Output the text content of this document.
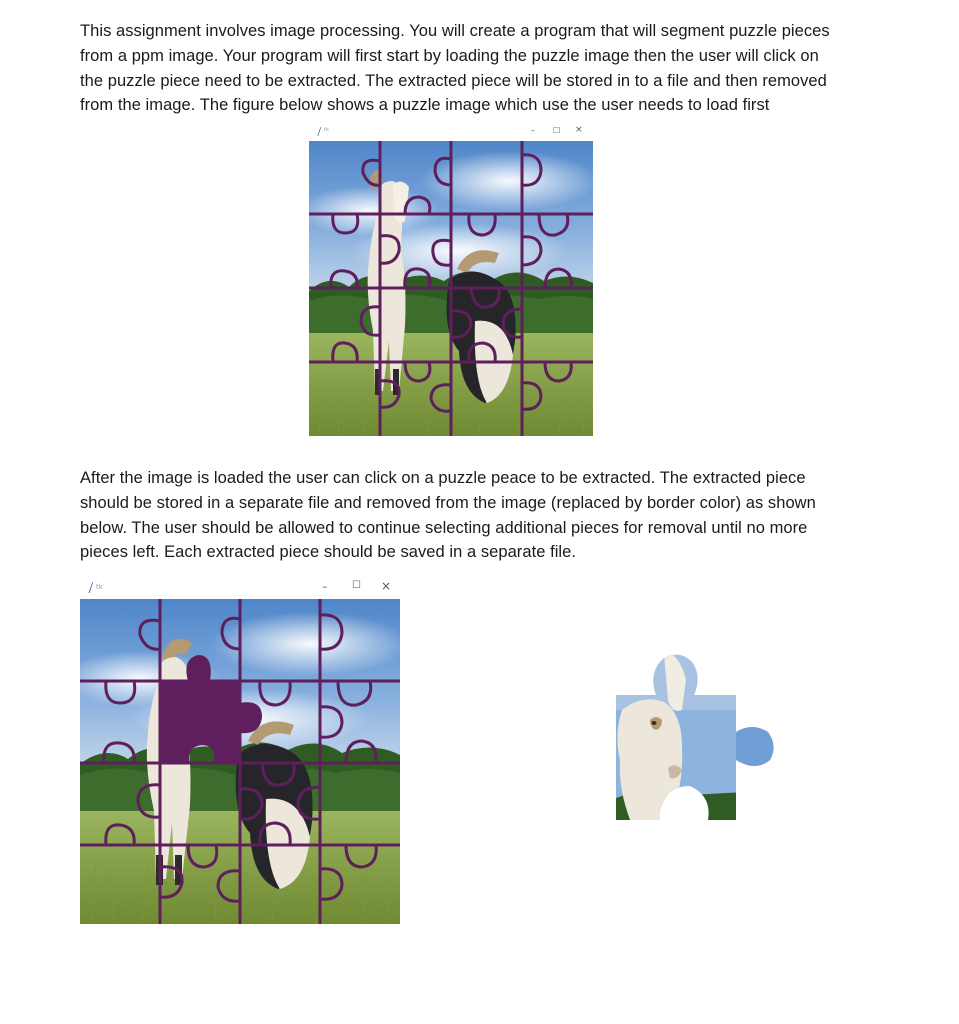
This assignment involves image processing. You will create a program that will segment puzzle pieces
from a ppm image. Your program will first start by loading the puzzle image then the user will click on
the puzzle piece need to be extracted. The extracted piece will be stored in to a file and then removed
from the image. The figure below shows a puzzle image which use the user needs to load first
tk	– ☐ ×
After the image is loaded the user can click on a puzzle peace to be extracted. The extracted piece
should be stored in a separate file and removed from the image (replaced by border color) as shown
below. The user should be allowed to continue selecting additional pieces for removal until no more
pieces left. Each extracted piece should be saved in a separate file.
tk	– ☐ ×
